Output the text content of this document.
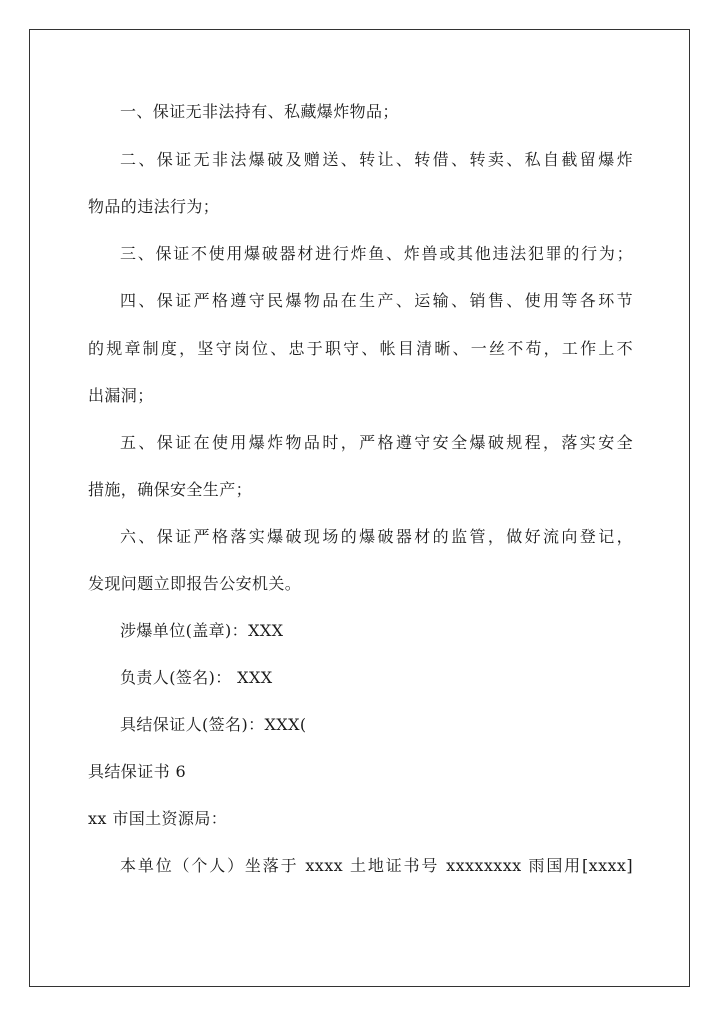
一、保证无非法持有、私藏爆炸物品；
二、保证无非法爆破及赠送、转让、转借、转卖、私自截留爆炸
物品的违法行为；
三、保证不使用爆破器材进行炸鱼、炸兽或其他违法犯罪的行为；
四、保证严格遵守民爆物品在生产、运输、销售、使用等各环节
的规章制度，坚守岗位、忠于职守、帐目清晰、一丝不苟，工作上不
出漏洞；
五、保证在使用爆炸物品时，严格遵守安全爆破规程，落实安全
措施，确保安全生产；
六、保证严格落实爆破现场的爆破器材的监管，做好流向登记，
发现问题立即报告公安机关。
涉爆单位(盖章)：XXX
负责人(签名)： XXX
具结保证人(签名)：XXX(
具结保证书 6
xx 市国土资源局：
本单位（个人）坐落于 xxxx 土地证书号 xxxxxxxx 雨国用[xxxx]
